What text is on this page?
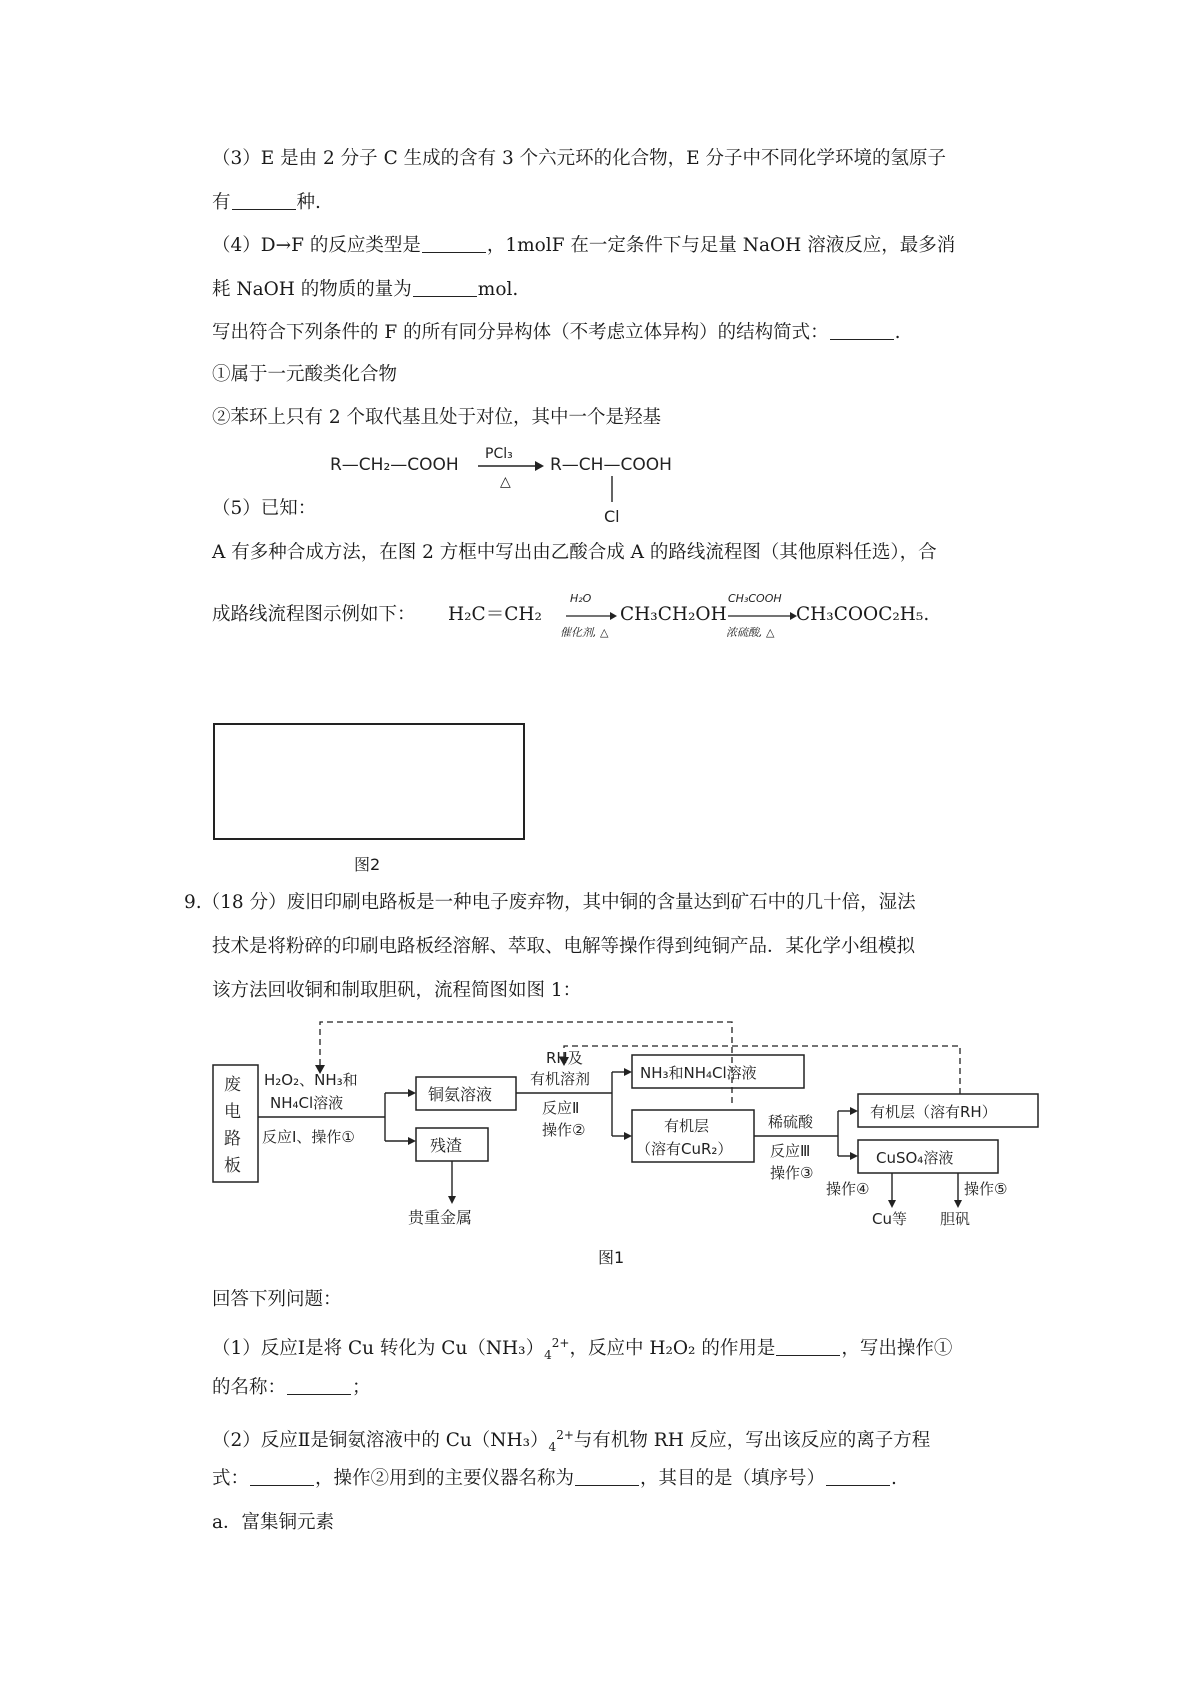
（3）E 是由 2 分子 C 生成的含有 3 个六元环的化合物，E 分子中不同化学环境的氢原子
有	种.
（4）D→F 的反应类型是	，1molF 在一定条件下与足量 NaOH 溶液反应，最多消
耗 NaOH 的物质的量为	mol.
写出符合下列条件的 F 的所有同分异构体（不考虑立体异构）的结构简式：	.
①属于一元酸类化合物
②苯环上只有 2 个取代基且处于对位，其中一个是羟基
R—CH₂—COOH
PCl₃
△
R—CH—COOH
Cl
（5）已知：
A 有多种合成方法，在图 2 方框中写出由乙酸合成 A 的路线流程图（其他原料任选），合
成路线流程图示例如下： H₂C＝CH₂
H₂O
催化剂, △
CH₃CH₂OH
CH₃COOH
浓硫酸, △
CH₃COOC₂H₅.
图2
9.（18 分）废旧印刷电路板是一种电子废弃物，其中铜的含量达到矿石中的几十倍，湿法
技术是将粉碎的印刷电路板经溶解、萃取、电解等操作得到纯铜产品．某化学小组模拟
该方法回收铜和制取胆矾，流程简图如图 1：
废
电
路
板
H₂O₂、NH₃和
NH₄Cl溶液
反应Ⅰ、操作①
铜氨溶液
残渣
贵重金属
RH及
有机溶剂
反应Ⅱ
操作②
NH₃和NH₄Cl溶液
有机层
（溶有CuR₂）
稀硫酸
反应Ⅲ
操作③
有机层（溶有RH）
CuSO₄溶液
操作④
Cu等
操作⑤
胆矾
图1
回答下列问题：
（1）反应Ⅰ是将 Cu 转化为 $Cu(NH_3)_4^{2+}$，反应中 H₂O₂ 的作用是	，写出操作①
的名称：	；
（2）反应Ⅱ是铜氨溶液中的 $Cu(NH_3)_4^{2+}$与有机物 RH 反应，写出该反应的离子方程
式：	，操作②用到的主要仪器名称为	，其目的是（填序号）	.
a．富集铜元素
